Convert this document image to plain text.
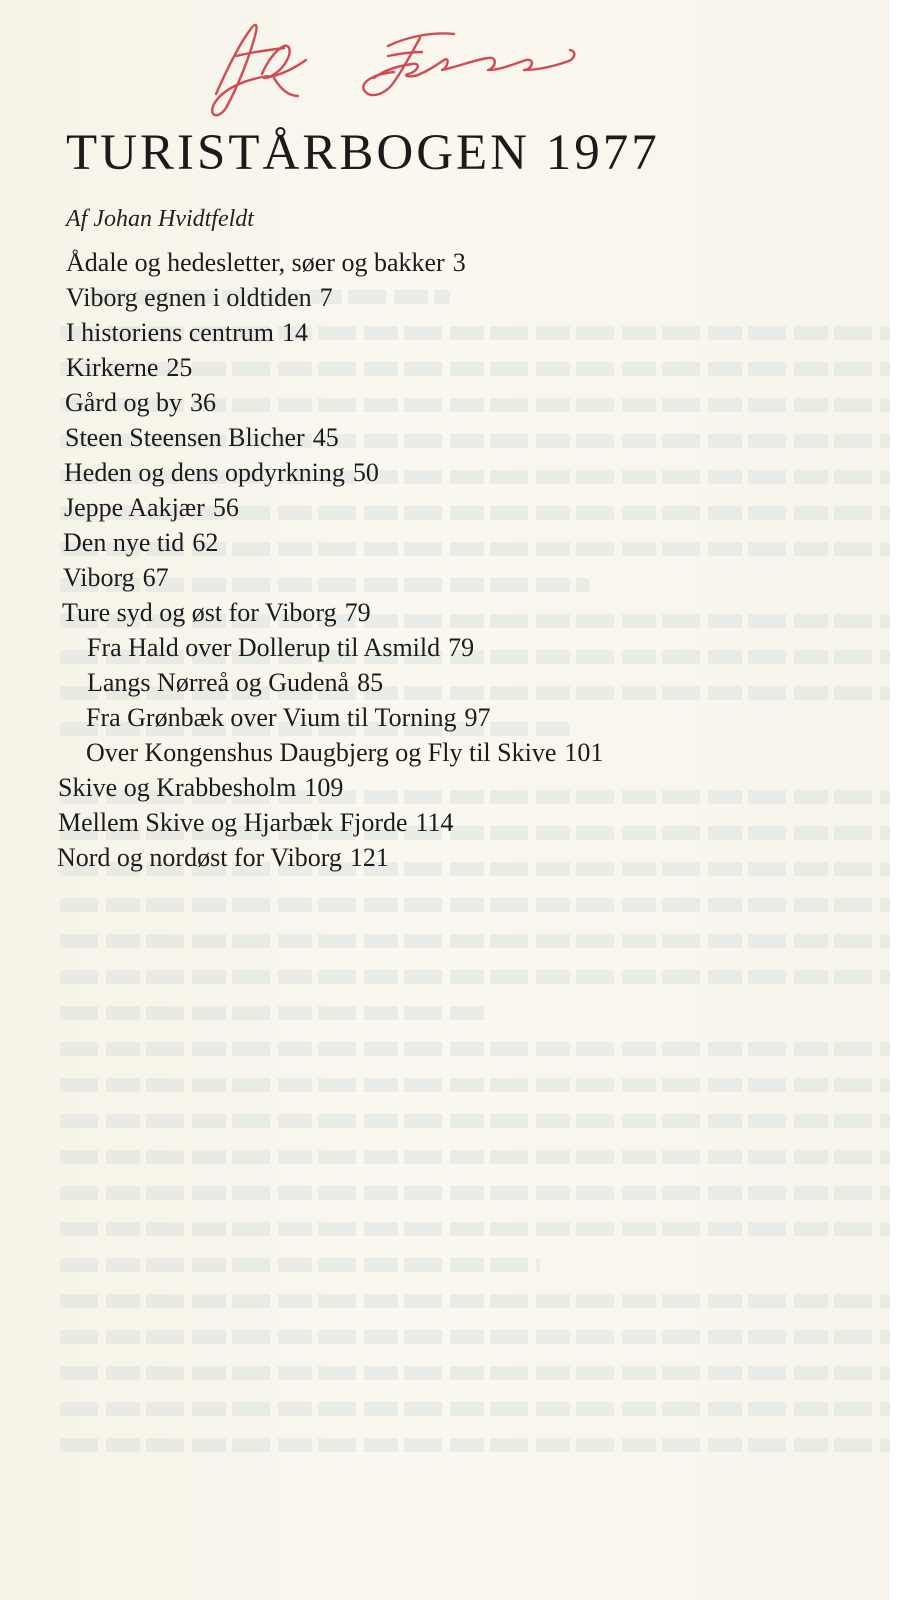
TURISTÅRBOGEN 1977
Af Johan Hvidtfeldt
Ådale og hedesletter, søer og bakker 3
Viborg egnen i oldtiden 7
I historiens centrum 14
Kirkerne 25
Gård og by 36
Steen Steensen Blicher 45
Heden og dens opdyrkning 50
Jeppe Aakjær 56
Den nye tid 62
Viborg 67
Ture syd og øst for Viborg 79
Fra Hald over Dollerup til Asmild 79
Langs Nørreå og Gudenå 85
Fra Grønbæk over Vium til Torning 97
Over Kongenshus Daugbjerg og Fly til Skive 101
Skive og Krabbesholm 109
Mellem Skive og Hjarbæk Fjorde 114
Nord og nordøst for Viborg 121
